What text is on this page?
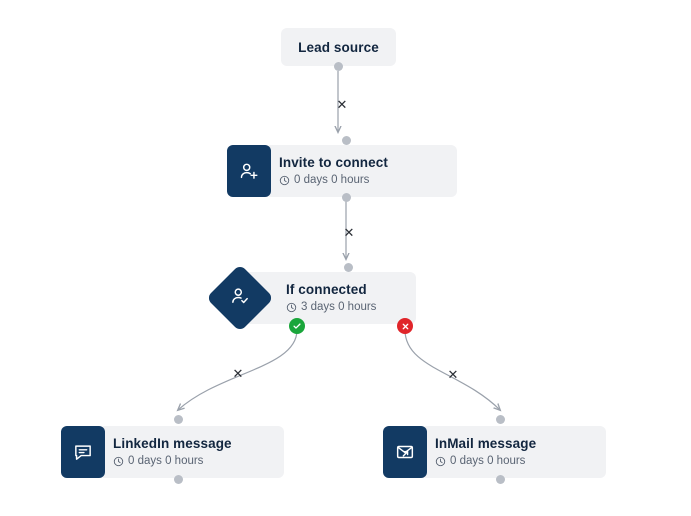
Lead source
Invite to connect
0 days 0 hours
If connected
3 days 0 hours
LinkedIn message
0 days 0 hours
InMail message
0 days 0 hours
✕
✕
✕	✕
